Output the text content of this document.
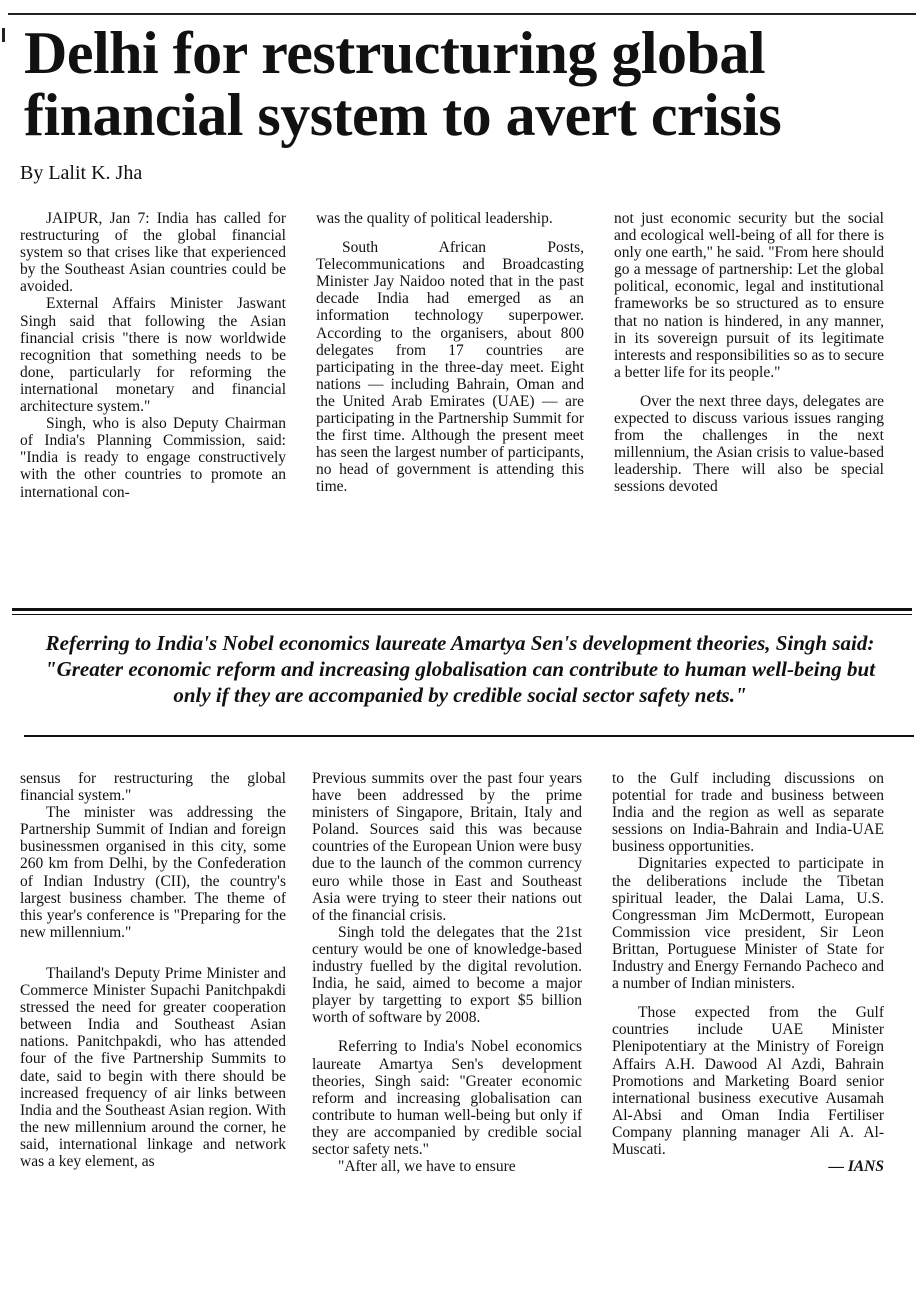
Delhi for restructuring global financial system to avert crisis

By Lalit K. Jha

JAIPUR, Jan 7: India has called for restructuring of the global financial system so that crises like that experienced by the Southeast Asian countries could be avoided.

External Affairs Minister Jaswant Singh said that following the Asian financial crisis "there is now worldwide recognition that something needs to be done, particularly for reforming the international monetary and financial architecture system."

Singh, who is also Deputy Chairman of India's Planning Commission, said: "India is ready to engage constructively with the other countries to promote an international con-

was the quality of political leadership.

South African Posts, Telecommunications and Broadcasting Minister Jay Naidoo noted that in the past decade India had emerged as an information technology superpower. According to the organisers, about 800 delegates from 17 countries are participating in the three-day meet. Eight nations — including Bahrain, Oman and the United Arab Emirates (UAE) — are participating in the Partnership Summit for the first time. Although the present meet has seen the largest number of participants, no head of government is attending this time.

not just economic security but the social and ecological well-being of all for there is only one earth," he said. "From here should go a message of partnership: Let the global political, economic, legal and institutional frameworks be so structured as to ensure that no nation is hindered, in any manner, in its sovereign pursuit of its legitimate interests and responsibilities so as to secure a better life for its people."

Over the next three days, delegates are expected to discuss various issues ranging from the challenges in the next millennium, the Asian crisis to value-based leadership. There will also be special sessions devoted

Referring to India's Nobel economics laureate Amartya Sen's development theories, Singh said: "Greater economic reform and increasing globalisation can contribute to human well-being but only if they are accompanied by credible social sector safety nets."

sensus for restructuring the global financial system."

The minister was addressing the Partnership Summit of Indian and foreign businessmen organised in this city, some 260 km from Delhi, by the Confederation of Indian Industry (CII), the country's largest business chamber. The theme of this year's conference is "Preparing for the new millennium."

Thailand's Deputy Prime Minister and Commerce Minister Supachi Panitchpakdi stressed the need for greater cooperation between India and Southeast Asian nations. Panitchpakdi, who has attended four of the five Partnership Summits to date, said to begin with there should be increased frequency of air links between India and the Southeast Asian region. With the new millennium around the corner, he said, international linkage and network was a key element, as

Previous summits over the past four years have been addressed by the prime ministers of Singapore, Britain, Italy and Poland. Sources said this was because countries of the European Union were busy due to the launch of the common currency euro while those in East and Southeast Asia were trying to steer their nations out of the financial crisis.

Singh told the delegates that the 21st century would be one of knowledge-based industry fuelled by the digital revolution. India, he said, aimed to become a major player by targetting to export $5 billion worth of software by 2008.

Referring to India's Nobel economics laureate Amartya Sen's development theories, Singh said: "Greater economic reform and increasing globalisation can contribute to human well-being but only if they are accompanied by credible social sector safety nets."

"After all, we have to ensure

to the Gulf including discussions on potential for trade and business between India and the region as well as separate sessions on India-Bahrain and India-UAE business opportunities.

Dignitaries expected to participate in the deliberations include the Tibetan spiritual leader, the Dalai Lama, U.S. Congressman Jim McDermott, European Commission vice president, Sir Leon Brittan, Portuguese Minister of State for Industry and Energy Fernando Pacheco and a number of Indian ministers.

Those expected from the Gulf countries include UAE Minister Plenipotentiary at the Ministry of Foreign Affairs A.H. Dawood Al Azdi, Bahrain Promotions and Marketing Board senior international business executive Ausamah Al-Absi and Oman India Fertiliser Company planning manager Ali A. Al-Muscati.

— IANS
